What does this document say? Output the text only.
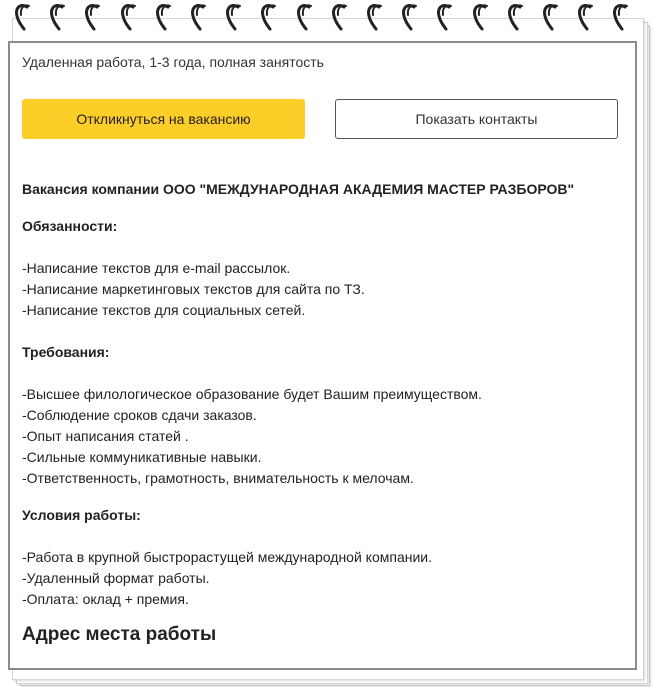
Удаленная работа, 1-3 года, полная занятость
Откликнуться на вакансию	Показать контакты
Вакансия компании ООО "МЕЖДУНАРОДНАЯ АКАДЕМИЯ МАСТЕР РАЗБОРОВ"
Обязанности:
-Написание текстов для e-mail рассылок.
-Написание маркетинговых текстов для сайта по ТЗ.
-Написание текстов для социальных сетей.
Требования:
-Высшее филологическое образование будет Вашим преимуществом.
-Соблюдение сроков сдачи заказов.
-Опыт написания статей .
-Сильные коммуникативные навыки.
-Ответственность, грамотность, внимательность к мелочам.
Условия работы:
-Работа в крупной быстрорастущей международной компании.
-Удаленный формат работы.
-Оплата: оклад + премия.
Адрес места работы
